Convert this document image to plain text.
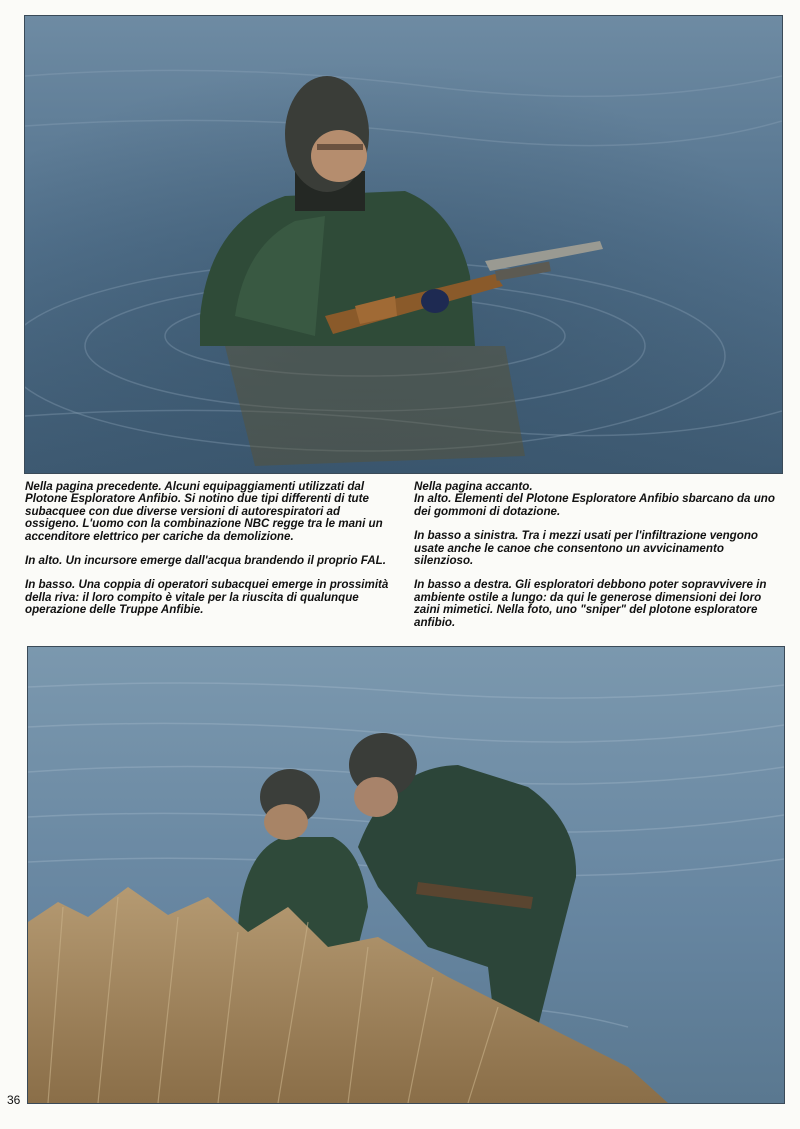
Nella pagina precedente. Alcuni equipaggiamenti utilizzati dal Plotone Esploratore Anfibio. Si notino due tipi differenti di tute subacquee con due diverse versioni di autorespiratori ad ossigeno. L'uomo con la combinazione NBC regge tra le mani un accenditore elettrico per cariche da demolizione.

In alto. Un incursore emerge dall'acqua brandendo il proprio FAL.

In basso. Una coppia di operatori subacquei emerge in prossimità della riva: il loro compito è vitale per la riuscita di qualunque operazione delle Truppe Anfibie.

Nella pagina accanto.
In alto. Elementi del Plotone Esploratore Anfibio sbarcano da uno dei gommoni di dotazione.

In basso a sinistra. Tra i mezzi usati per l'infiltrazione vengono usate anche le canoe che consentono un avvicinamento silenzioso.

In basso a destra. Gli esploratori debbono poter sopravvivere in ambiente ostile a lungo: da qui le generose dimensioni dei loro zaini mimetici. Nella foto, uno "sniper" del plotone esploratore anfibio.

36
